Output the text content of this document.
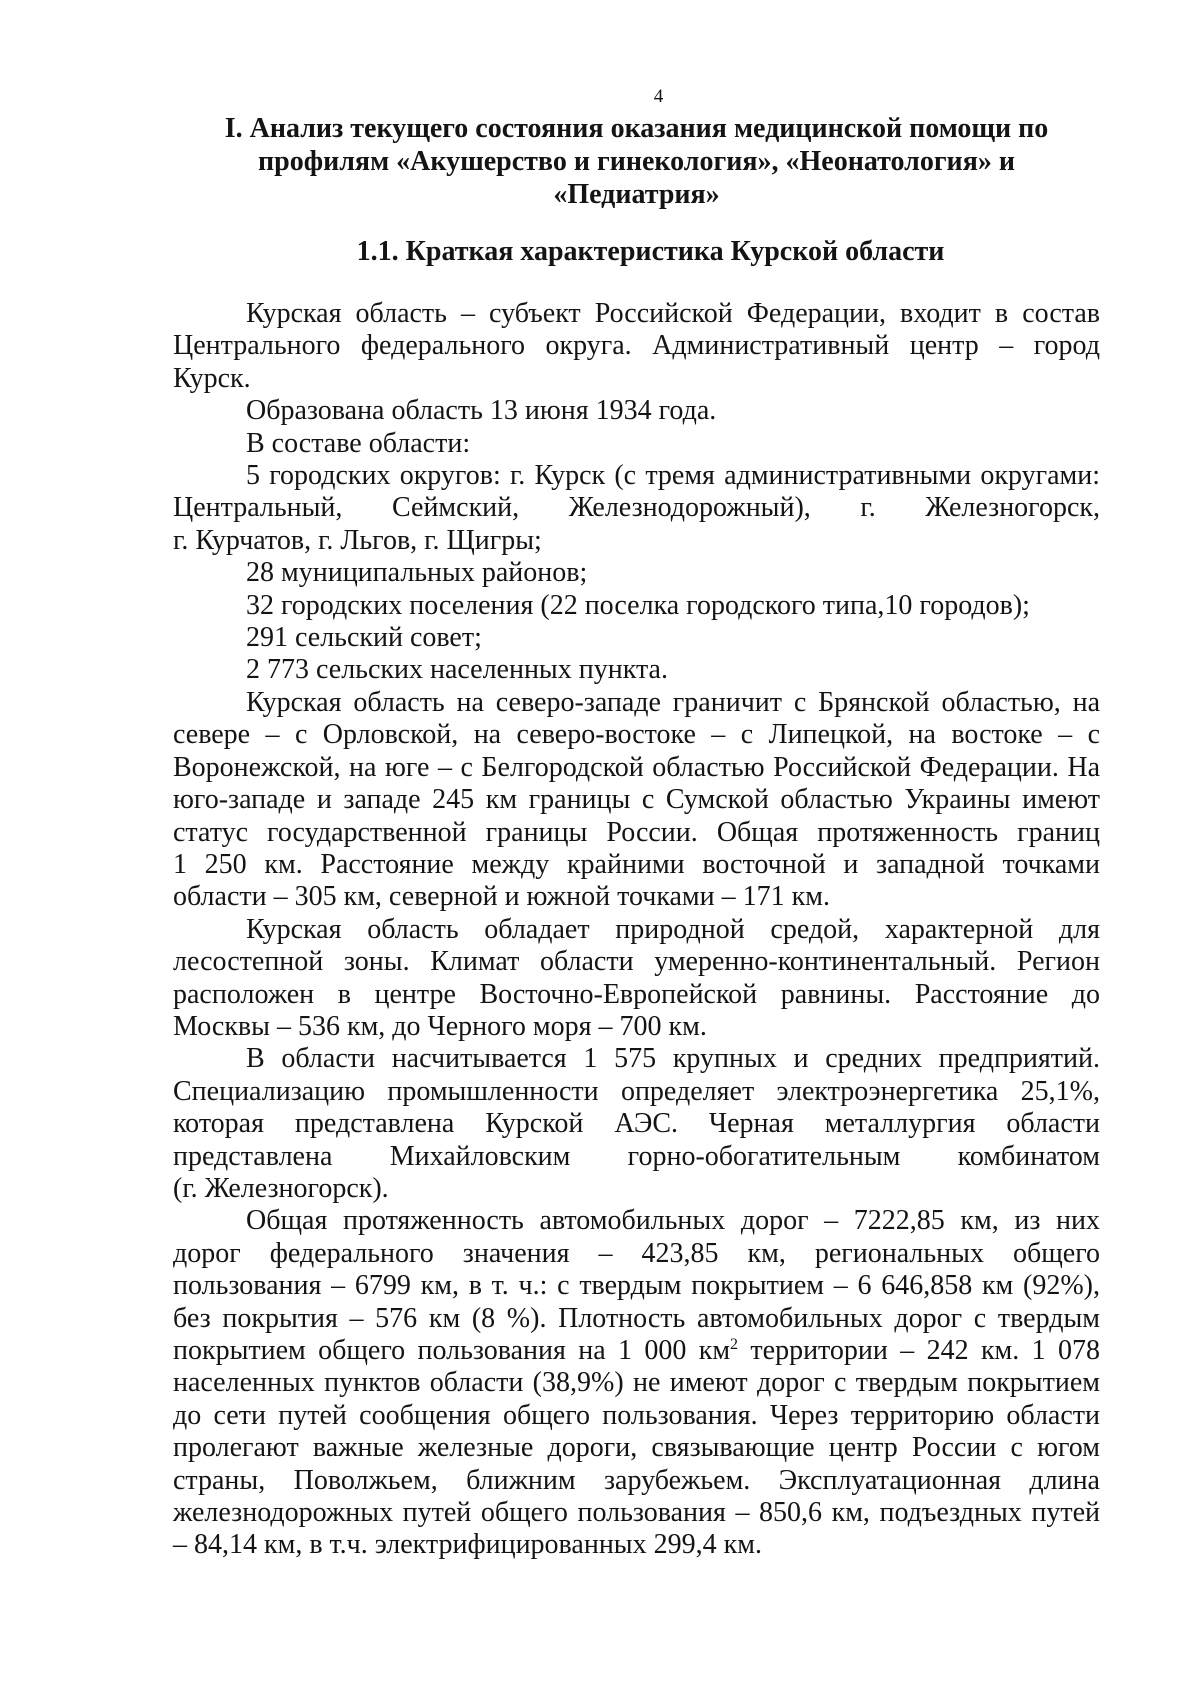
4
I. Анализ текущего состояния оказания медицинской помощи по
профилям «Акушерство и гинекология», «Неонатология» и
«Педиатрия»
1.1. Краткая характеристика Курской области
Курская область – субъект Российской Федерации, входит в состав
Центрального федерального округа. Административный центр – город
Курск.
Образована область 13 июня 1934 года.
В составе области:
5 городских округов: г. Курск (с тремя административными округами:
Центральный, Сеймский, Железнодорожный), г. Железногорск,
г. Курчатов, г. Льгов, г. Щигры;
28 муниципальных районов;
32 городских поселения (22 поселка городского типа,10 городов);
291 сельский совет;
2 773 сельских населенных пункта.
Курская область на северо-западе граничит с Брянской областью, на
севере – с Орловской, на северо-востоке – с Липецкой, на востоке – с
Воронежской, на юге – с Белгородской областью Российской Федерации. На
юго-западе и западе 245 км границы с Сумской областью Украины имеют
статус государственной границы России. Общая протяженность границ
1 250 км. Расстояние между крайними восточной и западной точками
области – 305 км, северной и южной точками – 171 км.
Курская область обладает природной средой, характерной для
лесостепной зоны. Климат области умеренно-континентальный. Регион
расположен в центре Восточно-Европейской равнины. Расстояние до
Москвы – 536 км, до Черного моря – 700 км.
В области насчитывается 1 575 крупных и средних предприятий.
Специализацию промышленности определяет электроэнергетика 25,1%,
которая представлена Курской АЭС. Черная металлургия области
представлена Михайловским горно-обогатительным комбинатом
(г. Железногорск).
Общая протяженность автомобильных дорог – 7222,85 км, из них
дорог федерального значения – 423,85 км, региональных общего
пользования – 6799 км, в т. ч.: с твердым покрытием – 6 646,858 км (92%),
без покрытия – 576 км (8 %). Плотность автомобильных дорог с твердым
покрытием общего пользования на 1 000 $км^2$ территории – 242 км. 1 078
населенных пунктов области (38,9%) не имеют дорог с твердым покрытием
до сети путей сообщения общего пользования. Через территорию области
пролегают важные железные дороги, связывающие центр России с югом
страны, Поволжьем, ближним зарубежьем. Эксплуатационная длина
железнодорожных путей общего пользования – 850,6 км, подъездных путей
– 84,14 км, в т.ч. электрифицированных 299,4 км.
